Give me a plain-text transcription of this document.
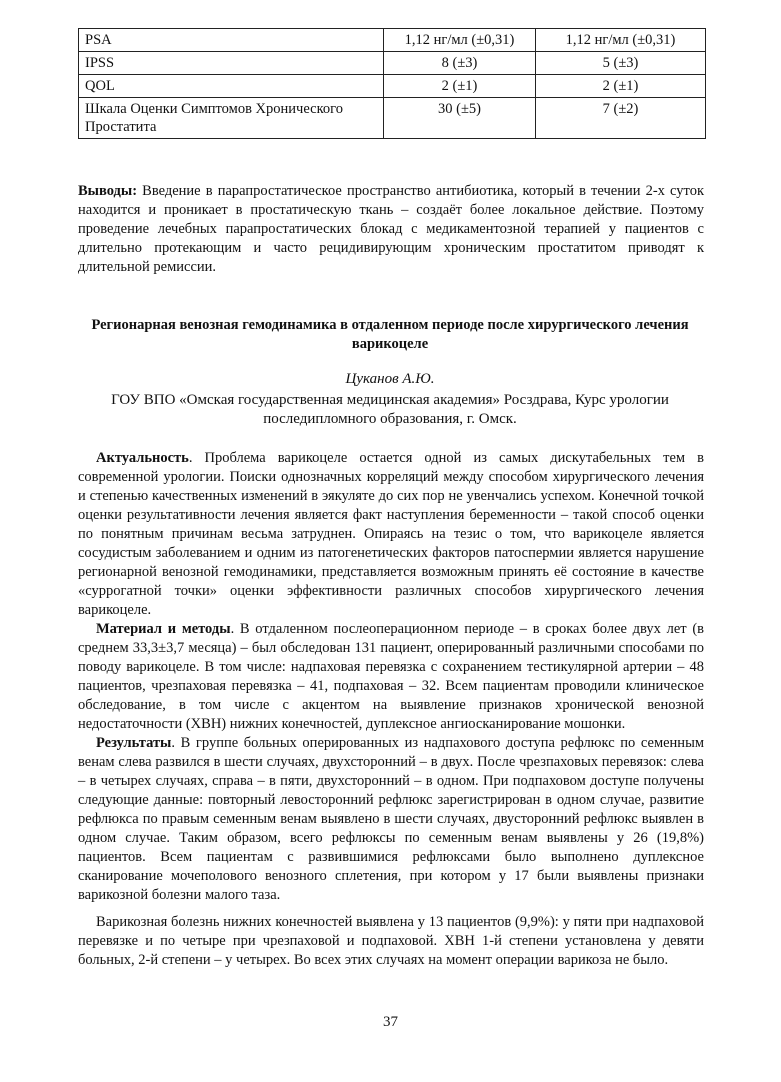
PSA	1,12 нг/мл (±0,31)	1,12 нг/мл (±0,31)
IPSS	8 (±3)	5 (±3)
QOL	2 (±1)	2 (±1)
Шкала Оценки Симптомов Хронического Простатита	30 (±5)	7 (±2)

Выводы: Введение в парапростатическое пространство антибиотика, который в течении 2-х суток находится и проникает в простатическую ткань – создаёт более локальное действие. Поэтому проведение лечебных парапростатических блокад с медикаментозной терапией у пациентов с длительно протекающим и часто рецидивирующим хроническим простатитом приводят к длительной ремиссии.

Регионарная венозная гемодинамика в отдаленном периоде после хирургического лечения варикоцеле
Цуканов А.Ю.
ГОУ ВПО «Омская государственная медицинская академия» Росздрава, Курс урологии последипломного образования, г. Омск.

Актуальность. Проблема варикоцеле остается одной из самых дискутабельных тем в современной урологии. Поиски однозначных корреляций между способом хирургического лечения и степенью качественных изменений в эякуляте до сих пор не увенчались успехом. Конечной точкой оценки результативности лечения является факт наступления беременности – такой способ оценки по понятным причинам весьма затруднен. Опираясь на тезис о том, что варикоцеле является сосудистым заболеванием и одним из патогенетических факторов патоспермии является нарушение регионарной венозной гемодинамики, представляется возможным принять её состояние в качестве «суррогатной точки» оценки эффективности различных способов хирургического лечения варикоцеле.

Материал и методы. В отдаленном послеоперационном периоде – в сроках более двух лет (в среднем 33,3±3,7 месяца) – был обследован 131 пациент, оперированный различными способами по поводу варикоцеле. В том числе: надпаховая перевязка с сохранением тестикулярной артерии – 48 пациентов, чрезпаховая перевязка – 41, подпаховая – 32. Всем пациентам проводили клиническое обследование, в том числе с акцентом на выявление признаков хронической венозной недостаточности (ХВН) нижних конечностей, дуплексное ангиосканирование мошонки.

Результаты. В группе больных оперированных из надпахового доступа рефлюкс по семенным венам слева развился в шести случаях, двухсторонний – в двух. После чрезпаховых перевязок: слева – в четырех случаях, справа – в пяти, двухсторонний – в одном. При подпаховом доступе получены следующие данные: повторный левосторонний рефлюкс зарегистрирован в одном случае, развитие рефлюкса по правым семенным венам выявлено в шести случаях, двусторонний рефлюкс выявлен в одном случае. Таким образом, всего рефлюксы по семенным венам выявлены у 26 (19,8%) пациентов. Всем пациентам с развившимися рефлюксами было выполнено дуплексное сканирование мочеполового венозного сплетения, при котором у 17 были выявлены признаки варикозной болезни малого таза.

Варикозная болезнь нижних конечностей выявлена у 13 пациентов (9,9%): у пяти при надпаховой перевязке и по четыре при чрезпаховой и подпаховой. ХВН 1-й степени установлена у девяти больных, 2-й степени – у четырех. Во всех этих случаях на момент операции варикоза не было.

37
